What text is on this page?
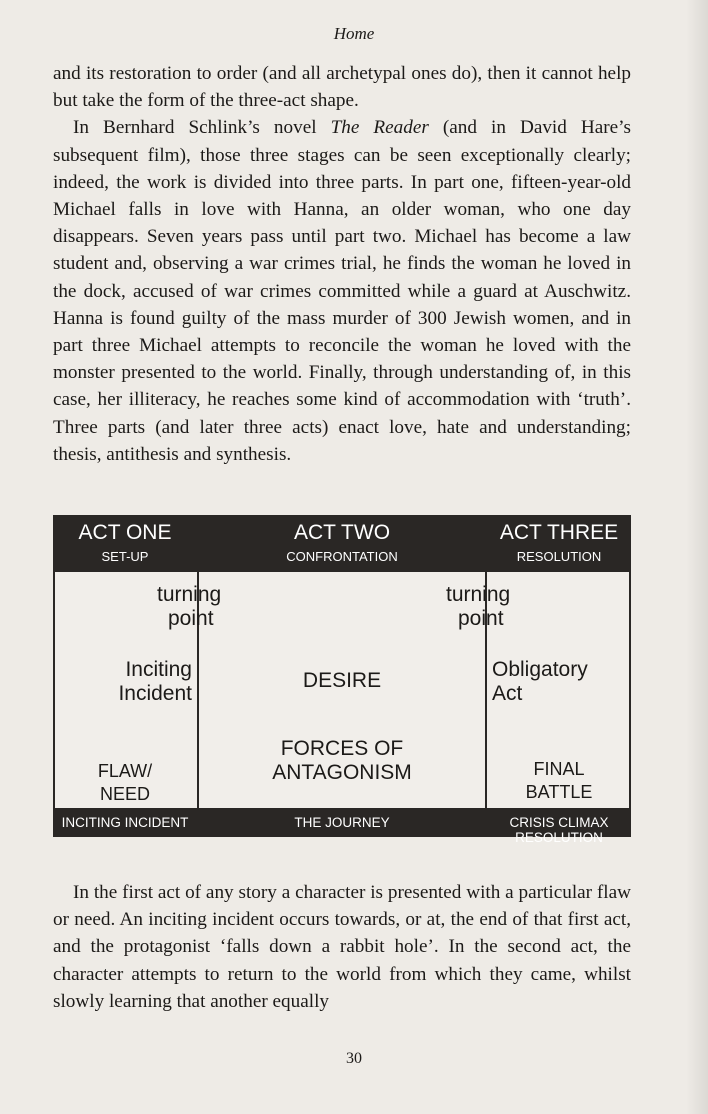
Home

and its restoration to order (and all archetypal ones do), then it cannot help but take the form of the three-act shape.

In Bernhard Schlink’s novel The Reader (and in David Hare’s subsequent film), those three stages can be seen exceptionally clearly; indeed, the work is divided into three parts. In part one, fifteen-year-old Michael falls in love with Hanna, an older woman, who one day disappears. Seven years pass until part two. Michael has become a law student and, observing a war crimes trial, he finds the woman he loved in the dock, accused of war crimes committed while a guard at Auschwitz. Hanna is found guilty of the mass murder of 300 Jewish women, and in part three Michael attempts to reconcile the woman he loved with the monster presented to the world. Finally, through understanding of, in this case, her illiteracy, he reaches some kind of accommodation with ‘truth’. Three parts (and later three acts) enact love, hate and understanding; thesis, antithesis and synthesis.

ACT ONE
SET-UP
ACT TWO
CONFRONTATION
ACT THREE
RESOLUTION
turning
point
turning
point
Inciting
Incident
DESIRE	Obligatory
Act
FORCES OF
ANTAGONISM
FLAW/
NEED
FINAL
BATTLE
INCITING INCIDENT	THE JOURNEY	CRISIS CLIMAX RESOLUTION

In the first act of any story a character is presented with a particular flaw or need. An inciting incident occurs towards, or at, the end of that first act, and the protagonist ‘falls down a rabbit hole’. In the second act, the character attempts to return to the world from which they came, whilst slowly learning that another equally

30
